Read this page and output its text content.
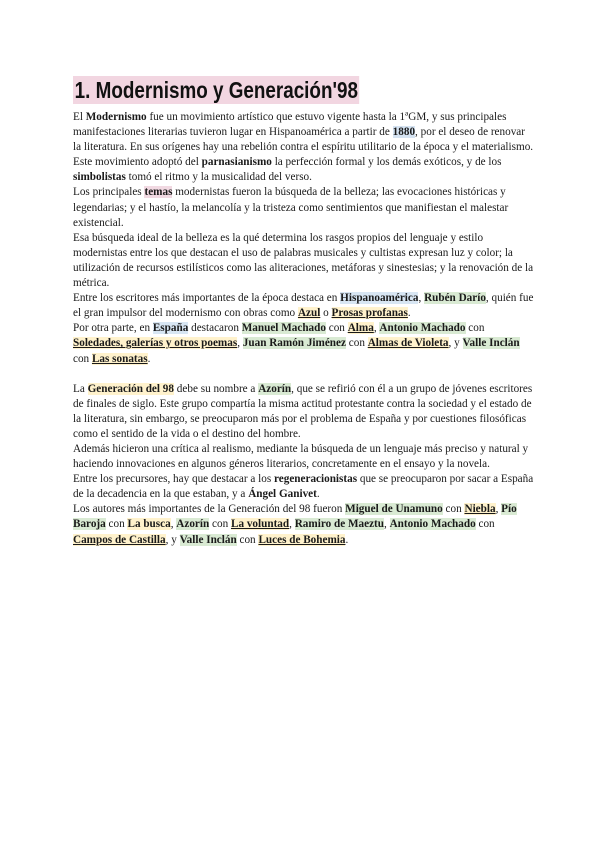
1. Modernismo y Generación'98

El Modernismo fue un movimiento artístico que estuvo vigente hasta la 1ªGM, y sus principales manifestaciones literarias tuvieron lugar en Hispanoamérica a partir de 1880, por el deseo de renovar la literatura. En sus orígenes hay una rebelión contra el espíritu utilitario de la época y el materialismo.

Este movimiento adoptó del parnasianismo la perfección formal y los demás exóticos, y de los simbolistas tomó el ritmo y la musicalidad del verso.

Los principales temas modernistas fueron la búsqueda de la belleza; las evocaciones históricas y legendarias; y el hastío, la melancolía y la tristeza como sentimientos que manifiestan el malestar existencial.

Esa búsqueda ideal de la belleza es la qué determina los rasgos propios del lenguaje y estilo modernistas entre los que destacan el uso de palabras musicales y cultistas expresan luz y color; la utilización de recursos estilísticos como las aliteraciones, metáforas y sinestesias; y la renovación de la métrica.

Entre los escritores más importantes de la época destaca en Hispanoamérica, Rubén Darío, quién fue el gran impulsor del modernismo con obras como Azul o Prosas profanas.

Por otra parte, en España destacaron Manuel Machado con Alma, Antonio Machado con Soledades, galerías y otros poemas, Juan Ramón Jiménez con Almas de Violeta, y Valle Inclán con Las sonatas.

La Generación del 98 debe su nombre a Azorín, que se refirió con él a un grupo de jóvenes escritores de finales de siglo. Este grupo compartía la misma actitud protestante contra la sociedad y el estado de la literatura, sin embargo, se preocuparon más por el problema de España y por cuestiones filosóficas como el sentido de la vida o el destino del hombre.

Además hicieron una crítica al realismo, mediante la búsqueda de un lenguaje más preciso y natural y haciendo innovaciones en algunos géneros literarios, concretamente en el ensayo y la novela.

Entre los precursores, hay que destacar a los regeneracionistas que se preocuparon por sacar a España de la decadencia en la que estaban, y a Ángel Ganivet.

Los autores más importantes de la Generación del 98 fueron Miguel de Unamuno con Niebla, Pío Baroja con La busca, Azorín con La voluntad, Ramiro de Maeztu, Antonio Machado con Campos de Castilla, y Valle Inclán con Luces de Bohemia.
